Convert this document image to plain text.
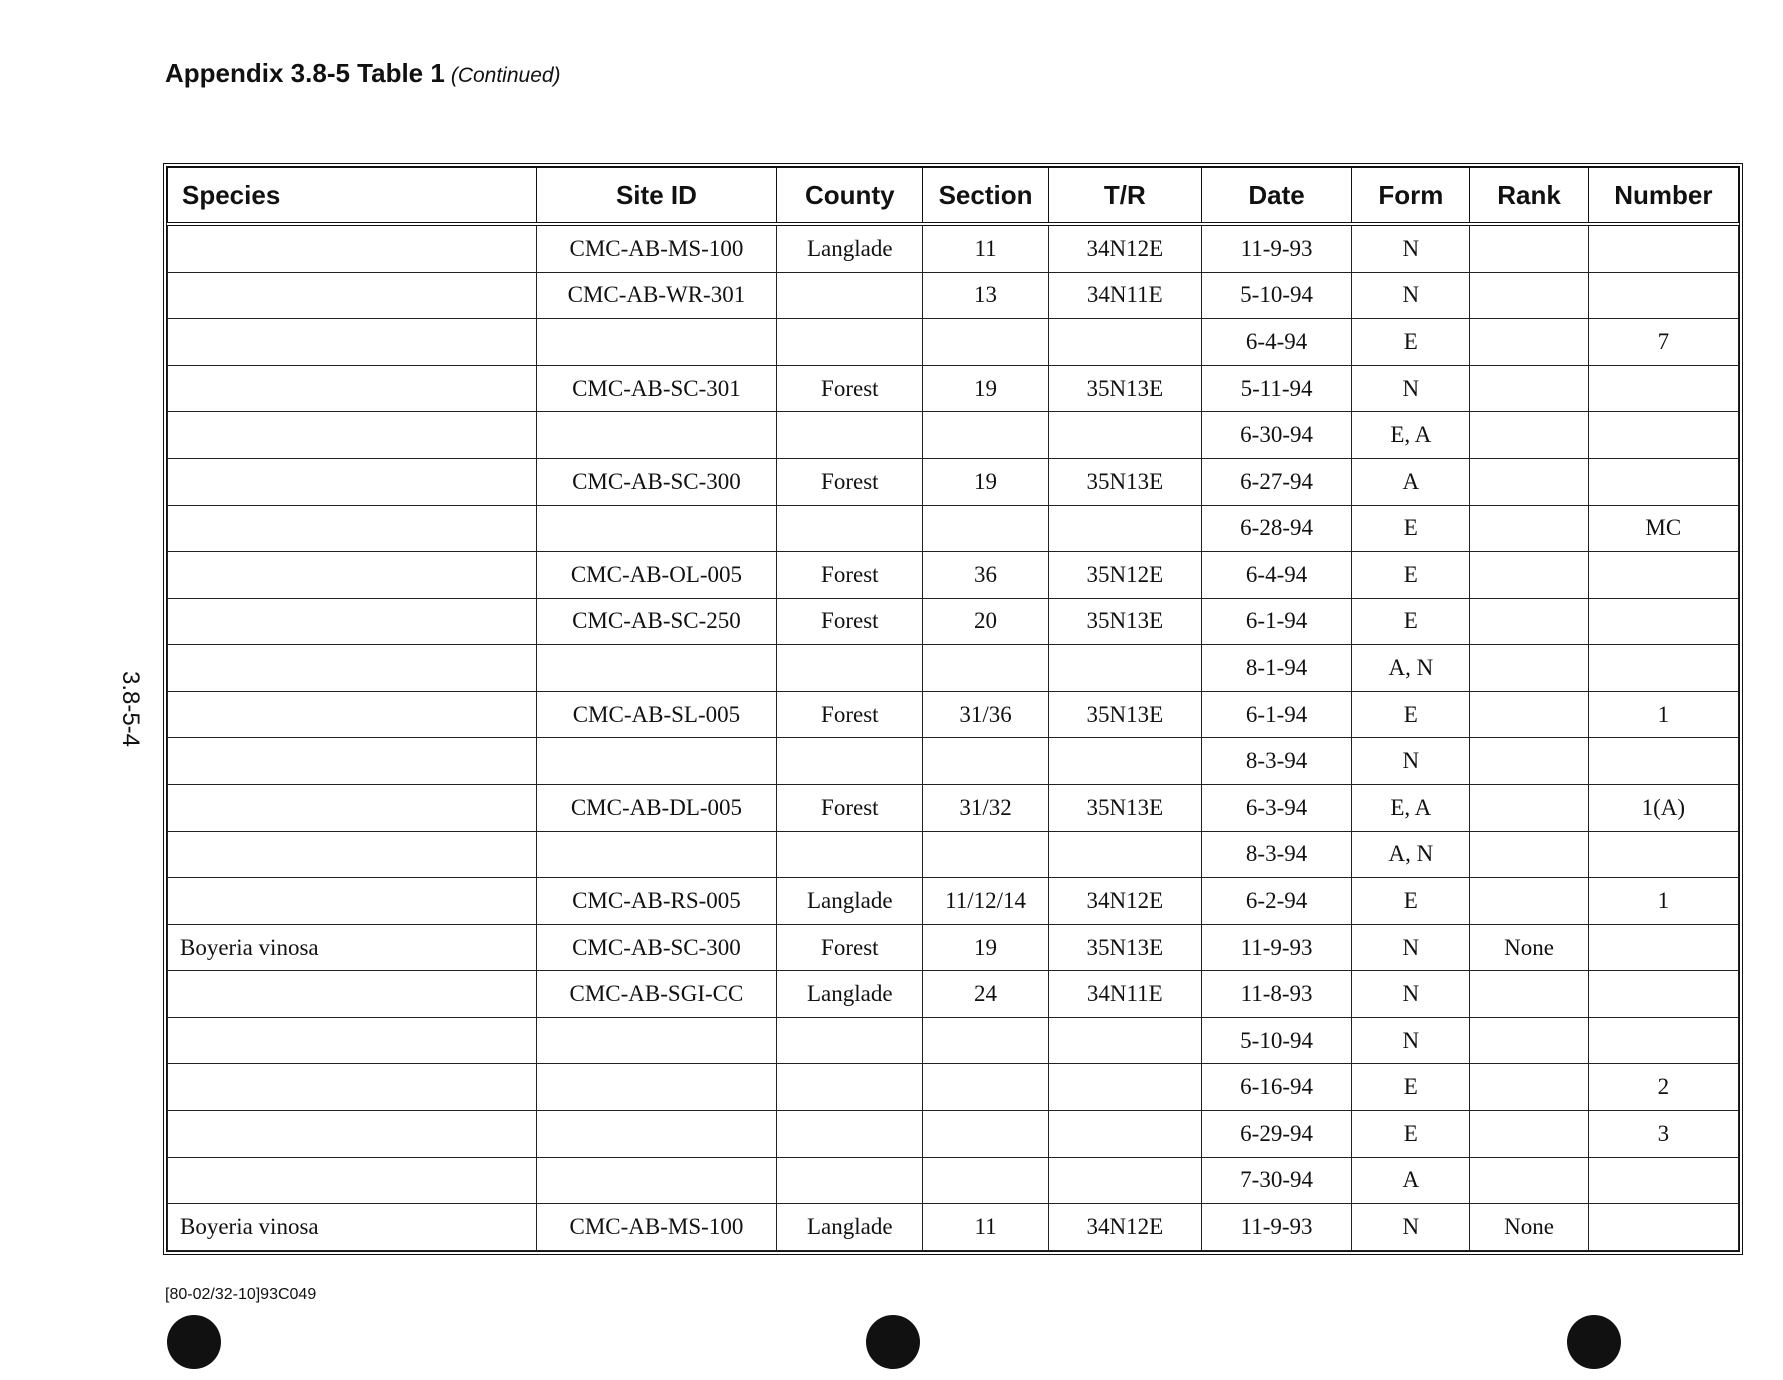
Appendix 3.8-5 Table 1 (Continued)
3.8-5-4
Species	Site ID	County	Section	T/R	Date	Form	Rank	Number
	CMC-AB-MS-100	Langlade	11	34N12E	11-9-93	N		
	CMC-AB-WR-301		13	34N11E	5-10-94	N		
					6-4-94	E		7
	CMC-AB-SC-301	Forest	19	35N13E	5-11-94	N		
					6-30-94	E, A		
	CMC-AB-SC-300	Forest	19	35N13E	6-27-94	A		
					6-28-94	E		MC
	CMC-AB-OL-005	Forest	36	35N12E	6-4-94	E		
	CMC-AB-SC-250	Forest	20	35N13E	6-1-94	E		
					8-1-94	A, N		
	CMC-AB-SL-005	Forest	31/36	35N13E	6-1-94	E		1
					8-3-94	N		
	CMC-AB-DL-005	Forest	31/32	35N13E	6-3-94	E, A		1(A)
					8-3-94	A, N		
	CMC-AB-RS-005	Langlade	11/12/14	34N12E	6-2-94	E		1
Boyeria vinosa	CMC-AB-SC-300	Forest	19	35N13E	11-9-93	N	None	
	CMC-AB-SGI-CC	Langlade	24	34N11E	11-8-93	N		
					5-10-94	N		
					6-16-94	E		2
					6-29-94	E		3
					7-30-94	A		
Boyeria vinosa	CMC-AB-MS-100	Langlade	11	34N12E	11-9-93	N	None	
[80-02/32-10]93C049
